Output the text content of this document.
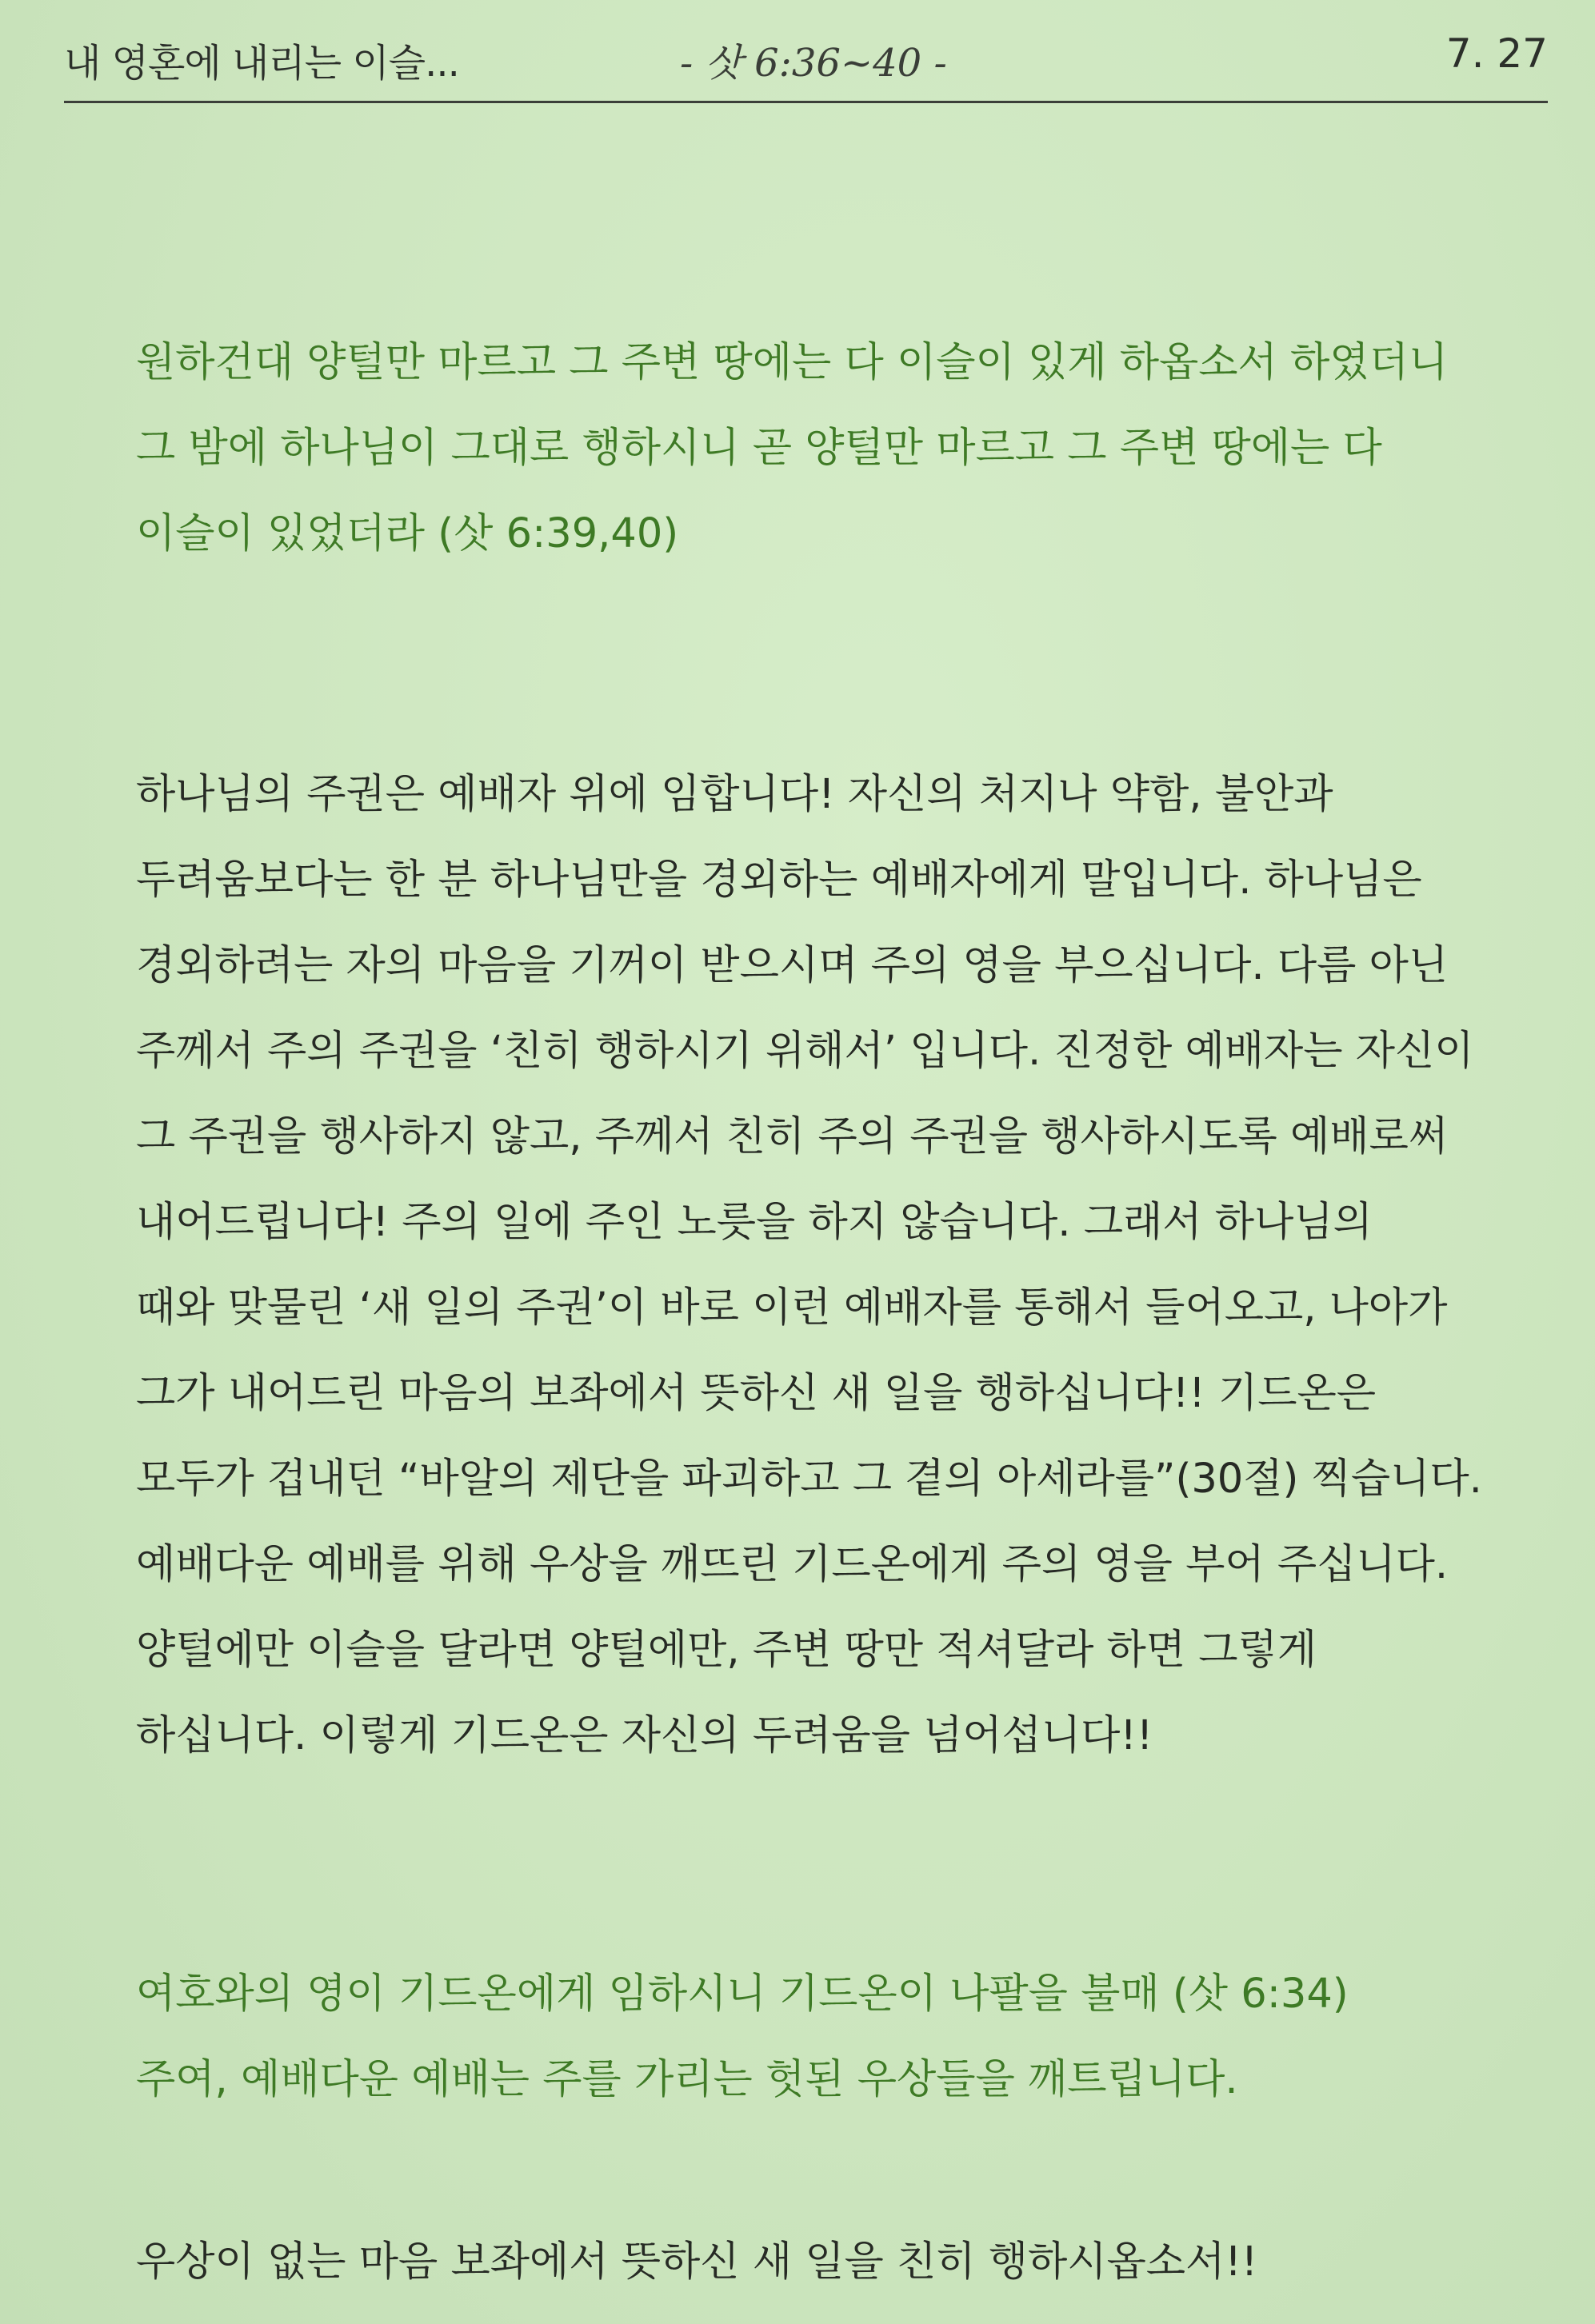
내 영혼에 내리는 이슬...	- 삿 6:36~40 -	7. 27
원하건대 양털만 마르고 그 주변 땅에는 다 이슬이 있게 하옵소서 하였더니
그 밤에 하나님이 그대로 행하시니 곧 양털만 마르고 그 주변 땅에는 다
이슬이 있었더라 (삿 6:39,40)
하나님의 주권은 예배자 위에 임합니다! 자신의 처지나 약함, 불안과
두려움보다는 한 분 하나님만을 경외하는 예배자에게 말입니다. 하나님은
경외하려는 자의 마음을 기꺼이 받으시며 주의 영을 부으십니다. 다름 아닌
주께서 주의 주권을 ‘친히 행하시기 위해서’ 입니다. 진정한 예배자는 자신이
그 주권을 행사하지 않고, 주께서 친히 주의 주권을 행사하시도록 예배로써
내어드립니다! 주의 일에 주인 노릇을 하지 않습니다. 그래서 하나님의
때와 맞물린 ‘새 일의 주권’이 바로 이런 예배자를 통해서 들어오고, 나아가
그가 내어드린 마음의 보좌에서 뜻하신 새 일을 행하십니다!! 기드온은
모두가 겁내던 “바알의 제단을 파괴하고 그 곁의 아세라를”(30절) 찍습니다.
예배다운 예배를 위해 우상을 깨뜨린 기드온에게 주의 영을 부어 주십니다.
양털에만 이슬을 달라면 양털에만, 주변 땅만 적셔달라 하면 그렇게
하십니다. 이렇게 기드온은 자신의 두려움을 넘어섭니다!!
여호와의 영이 기드온에게 임하시니 기드온이 나팔을 불매 (삿 6:34)
주여, 예배다운 예배는 주를 가리는 헛된 우상들을 깨트립니다.
우상이 없는 마음 보좌에서 뜻하신 새 일을 친히 행하시옵소서!!
